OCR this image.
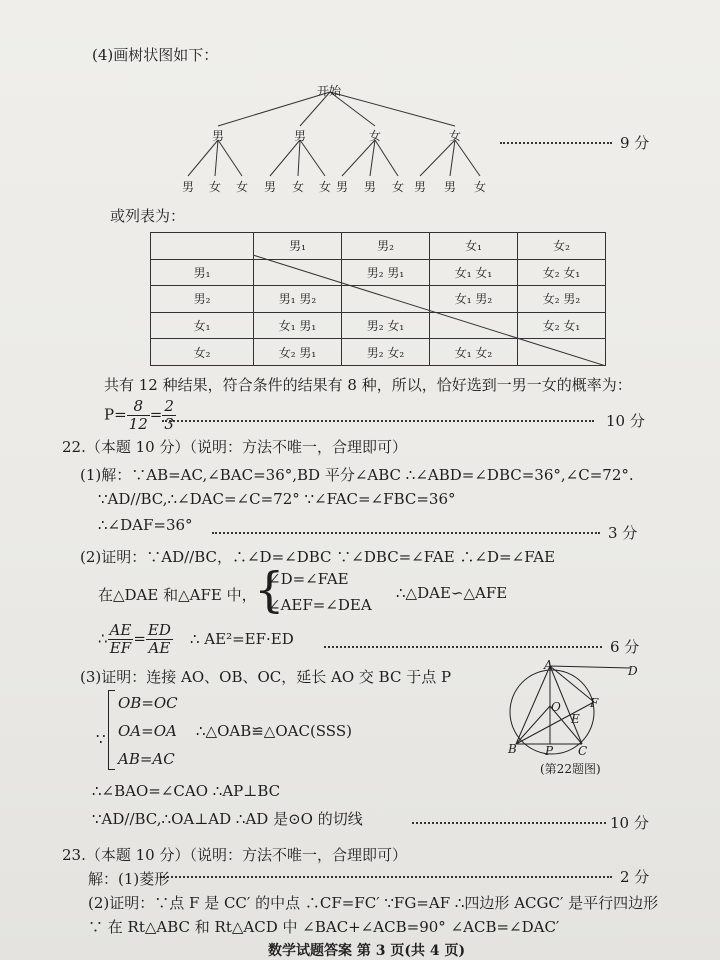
(4)画树状图如下：
开始
男	男	女	女
男 女 女 男 女 女 男 男 女 男 男 女
9 分
或列表为：
	男₁	男₂	女₁	女₂
男₁		男₂ 男₁	女₁ 女₁	女₂ 女₁
男₂	男₁ 男₂		女₁ 男₂	女₂ 男₂
女₁	女₁ 男₁	男₂ 女₁		女₂ 女₁
女₂	女₂ 男₁	男₂ 女₂	女₁ 女₂	
共有 12 种结果，符合条件的结果有 8 种，所以，恰好选到一男一女的概率为：
$P= \frac{8}{12} = \frac{2}{3}$	10 分
22.（本题 10 分）（说明：方法不唯一，合理即可）
(1)解：∵AB=AC,∠BAC=36°,BD 平分∠ABC ∴∠ABD=∠DBC=36°,∠C=72°.
∵AD//BC,∴∠DAC=∠C=72° ∵∠FAC=∠FBC=36°
∴∠DAF=36°	3 分
(2)证明：∵AD//BC，∴∠D=∠DBC ∵∠DBC=∠FAE ∴∠D=∠FAE
在△DAE 和△AFE 中，
{
∠D=∠FAE
∠AEF=∠DEA
∴△DAE∽△AFE
∴ $\frac{AE}{EF} = \frac{ED}{AE}$ ∴ AE²=EF·ED	6 分
(3)证明：连接 AO、OB、OC，延长 AO 交 BC 于点 P
∵
OB=OC
OA=OA
AB=AC
∴△OAB≌△OAC(SSS)
∴∠BAO=∠CAO ∴AP⊥BC
∵AD//BC,∴OA⊥AD ∴AD 是⊙O 的切线	10 分
A	D
F
O
E
B P C
(第22题图)
23.（本题 10 分）（说明：方法不唯一，合理即可）
解：(1)菱形	2 分
(2)证明：∵点 F 是 CC′ 的中点 ∴CF=FC′ ∵FG=AF ∴四边形 ACGC′ 是平行四边形
∵ 在 Rt△ABC 和 Rt△ACD 中 ∠BAC+∠ACB=90° ∠ACB=∠DAC′
数学试题答案 第 3 页(共 4 页)
